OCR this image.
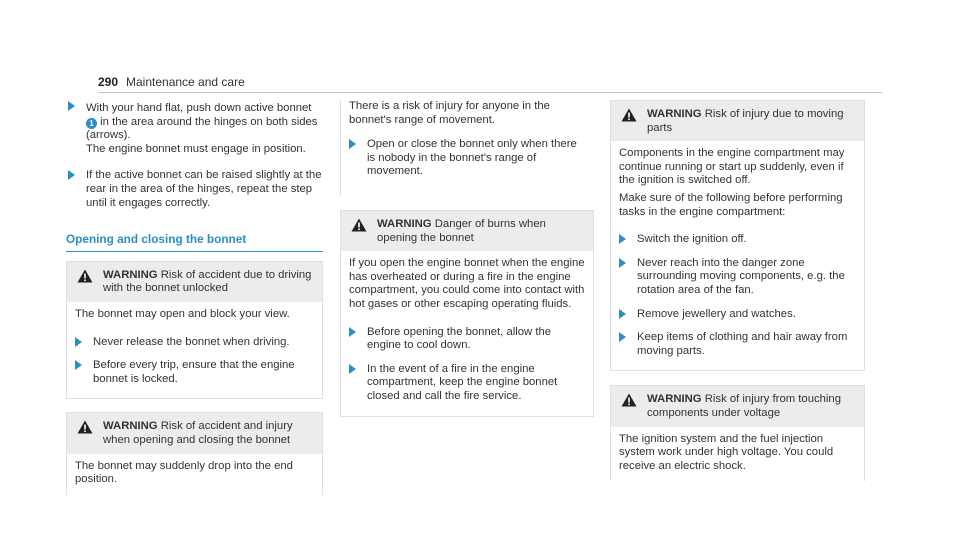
290 Maintenance and care

With your hand flat, push down active bonnet
1 in the area around the hinges on both sides (arrows).

The engine bonnet must engage in position.

If the active bonnet can be raised slightly at the rear in the area of the hinges, repeat the step until it engages correctly.

Opening and closing the bonnet
WARNING Risk of accident due to driving with the bonnet unlocked

The bonnet may open and block your view.

Never release the bonnet when driving.

Before every trip, ensure that the engine bonnet is locked.

WARNING Risk of accident and injury when opening and closing the bonnet

The bonnet may suddenly drop into the end position.

There is a risk of injury for anyone in the bonnet's range of movement.

Open or close the bonnet only when there is nobody in the bonnet's range of movement.

WARNING Danger of burns when opening the bonnet

If you open the engine bonnet when the engine has overheated or during a fire in the engine compartment, you could come into contact with hot gases or other escaping operating fluids.

Before opening the bonnet, allow the engine to cool down.

In the event of a fire in the engine compartment, keep the engine bonnet closed and call the fire service.

WARNING Risk of injury due to moving parts

Components in the engine compartment may continue running or start up suddenly, even if the ignition is switched off.

Make sure of the following before performing tasks in the engine compartment:

Switch the ignition off.

Never reach into the danger zone surrounding moving components, e.g. the rotation area of the fan.

Remove jewellery and watches.

Keep items of clothing and hair away from moving parts.

WARNING Risk of injury from touching components under voltage

The ignition system and the fuel injection system work under high voltage. You could receive an electric shock.
